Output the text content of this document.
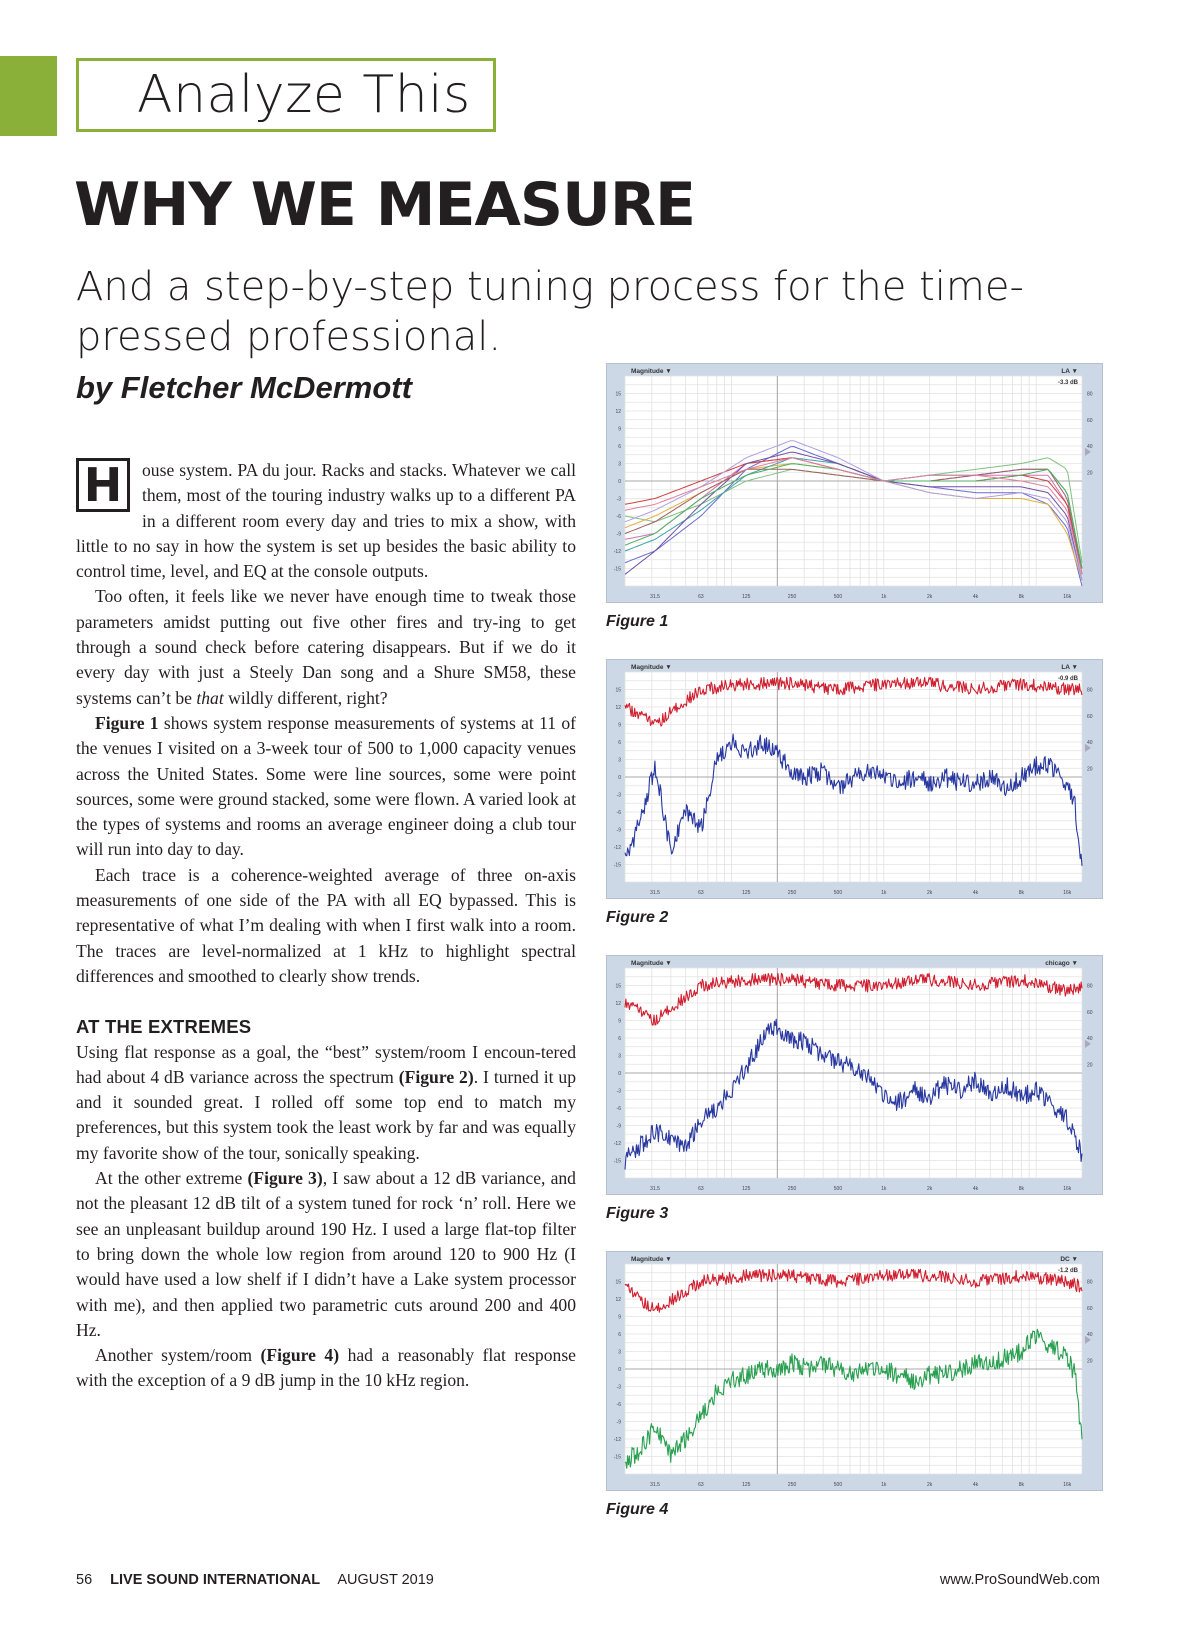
Analyze This
WHY WE MEASURE
And a step-by-step tuning process for the time-pressed professional.
by Fletcher McDermott

H	ouse system. PA du jour. Racks and stacks. Whatever we call them, most of the touring industry walks up to a different PA in a different room every day and tries to mix a show, with little to no say in how the system is set up besides the basic ability to control time, level, and EQ at the console outputs.

Too often, it feels like we never have enough time to tweak those parameters amidst putting out five other fires and try-ing to get through a sound check before catering disappears. But if we do it every day with just a Steely Dan song and a Shure SM58, these systems can’t be that wildly different, right?

Figure 1 shows system response measurements of systems at 11 of the venues I visited on a 3-week tour of 500 to 1,000 capacity venues across the United States. Some were line sources, some were point sources, some were ground stacked, some were flown. A varied look at the types of systems and rooms an average engineer doing a club tour will run into day to day.

Each trace is a coherence-weighted average of three on-axis measurements of one side of the PA with all EQ bypassed. This is representative of what I’m dealing with when I first walk into a room. The traces are level-normalized at 1 kHz to highlight spectral differences and smoothed to clearly show trends.

AT THE EXTREMES

Using flat response as a goal, the “best” system/room I encoun-tered had about 4 dB variance across the spectrum (Figure 2). I turned it up and it sounded great. I rolled off some top end to match my preferences, but this system took the least work by far and was equally my favorite show of the tour, sonically speaking.

At the other extreme (Figure 3), I saw about a 12 dB variance, and not the pleasant 12 dB tilt of a system tuned for rock ‘n’ roll. Here we see an unpleasant buildup around 190 Hz. I used a large flat-top filter to bring down the whole low region from around 120 to 900 Hz (I would have used a low shelf if I didn’t have a Lake system processor with me), and then applied two parametric cuts around 200 and 400 Hz.

Another system/room (Figure 4) had a reasonably flat response with the exception of a 9 dB jump in the 10 kHz region.

Magnitude ▼	LA ▼
-3.3 dB
15
12
9
6
3
0
-3
-6
-9
-12
-15
80
60
40
20
31.5	63	125	250	500	1k	2k	4k	8k	16k
Figure 1
Magnitude ▼	LA ▼
-0.9 dB
15
12
9
6
3
0
-3
-6
-9
-12
-15
80
60
40
20
31.5	63	125	250	500	1k	2k	4k	8k	16k
Figure 2
Magnitude ▼	chicago ▼
15
12
9
6
3
0
-3
-6
-9
-12
-15
80
60
40
20
31.5	63	125	250	500	1k	2k	4k	8k	16k
Figure 3
Magnitude ▼	DC ▼
-1.2 dB
15
12
9
6
3
0
-3
-6
-9
-12
-15
80
60
40
20
31.5	63	125	250	500	1k	2k	4k	8k	16k
Figure 4
56 LIVE SOUND INTERNATIONAL AUGUST 2019	www.ProSoundWeb.com
